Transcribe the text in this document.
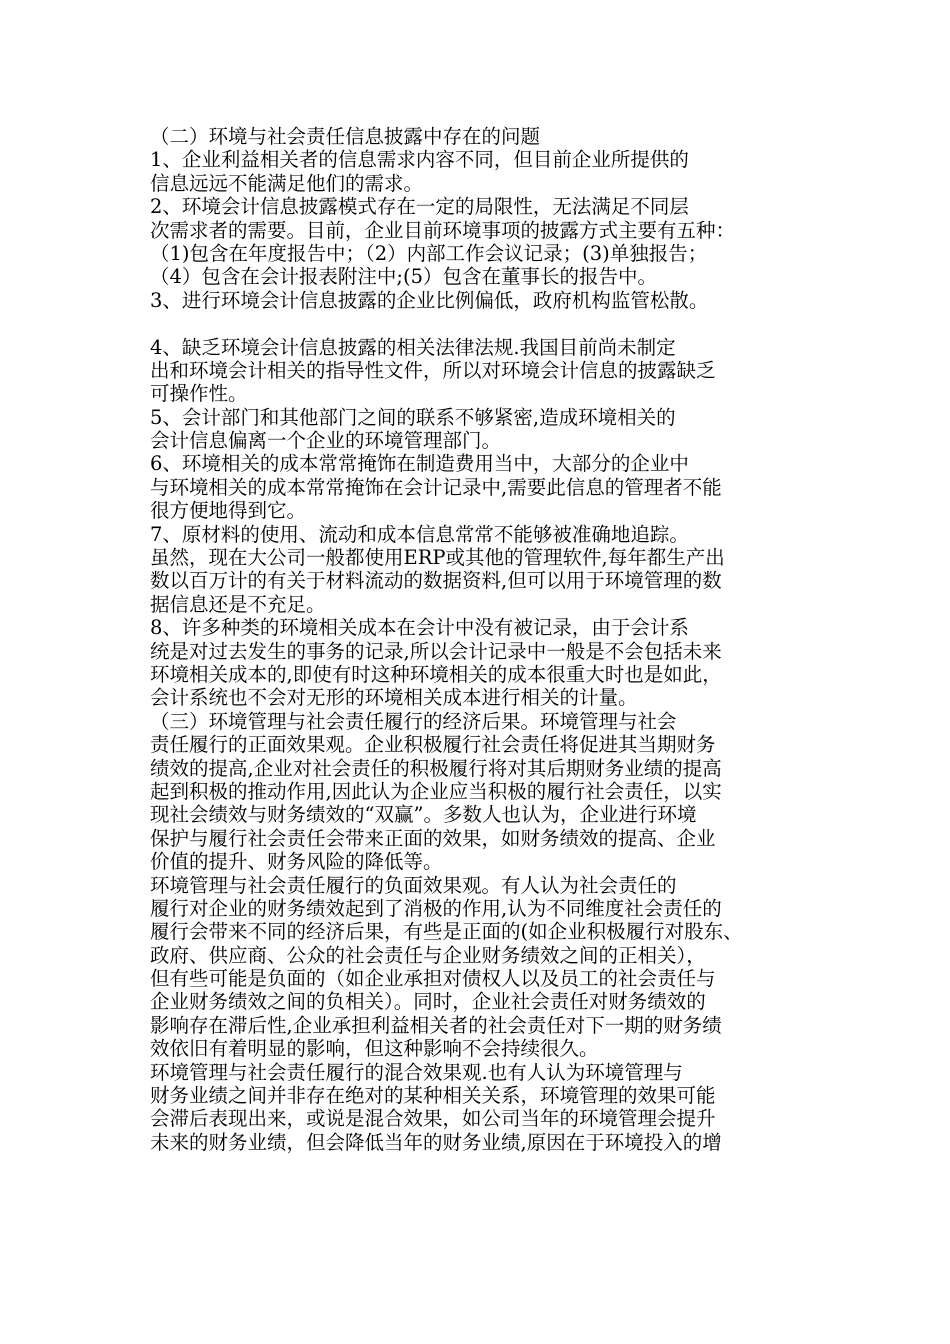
（二）环境与社会责任信息披露中存在的问题
1、企业利益相关者的信息需求内容不同，但目前企业所提供的
信息远远不能满足他们的需求。
2、环境会计信息披露模式存在一定的局限性，无法满足不同层
次需求者的需要。目前，企业目前环境事项的披露方式主要有五种：
（1)包含在年度报告中；（2）内部工作会议记录；(3)单独报告；
（4）包含在会计报表附注中;(5）包含在董事长的报告中。
3、进行环境会计信息披露的企业比例偏低，政府机构监管松散。
4、缺乏环境会计信息披露的相关法律法规.我国目前尚未制定
出和环境会计相关的指导性文件，所以对环境会计信息的披露缺乏
可操作性。
5、会计部门和其他部门之间的联系不够紧密,造成环境相关的
会计信息偏离一个企业的环境管理部门。
6、环境相关的成本常常掩饰在制造费用当中，大部分的企业中
与环境相关的成本常常掩饰在会计记录中,需要此信息的管理者不能
很方便地得到它。
7、原材料的使用、流动和成本信息常常不能够被准确地追踪。
虽然，现在大公司一般都使用ERP或其他的管理软件,每年都生产出
数以百万计的有关于材料流动的数据资料,但可以用于环境管理的数
据信息还是不充足。
8、许多种类的环境相关成本在会计中没有被记录，由于会计系
统是对过去发生的事务的记录,所以会计记录中一般是不会包括未来
环境相关成本的,即使有时这种环境相关的成本很重大时也是如此，
会计系统也不会对无形的环境相关成本进行相关的计量。
（三）环境管理与社会责任履行的经济后果。环境管理与社会
责任履行的正面效果观。企业积极履行社会责任将促进其当期财务
绩效的提高,企业对社会责任的积极履行将对其后期财务业绩的提高
起到积极的推动作用,因此认为企业应当积极的履行社会责任，以实
现社会绩效与财务绩效的“双赢”。多数人也认为，企业进行环境
保护与履行社会责任会带来正面的效果，如财务绩效的提高、企业
价值的提升、财务风险的降低等。
环境管理与社会责任履行的负面效果观。有人认为社会责任的
履行对企业的财务绩效起到了消极的作用,认为不同维度社会责任的
履行会带来不同的经济后果，有些是正面的(如企业积极履行对股东、
政府、供应商、公众的社会责任与企业财务绩效之间的正相关），
但有些可能是负面的（如企业承担对债权人以及员工的社会责任与
企业财务绩效之间的负相关）。同时，企业社会责任对财务绩效的
影响存在滞后性,企业承担利益相关者的社会责任对下一期的财务绩
效依旧有着明显的影响，但这种影响不会持续很久。
环境管理与社会责任履行的混合效果观.也有人认为环境管理与
财务业绩之间并非存在绝对的某种相关关系，环境管理的效果可能
会滞后表现出来，或说是混合效果，如公司当年的环境管理会提升
未来的财务业绩，但会降低当年的财务业绩,原因在于环境投入的增
